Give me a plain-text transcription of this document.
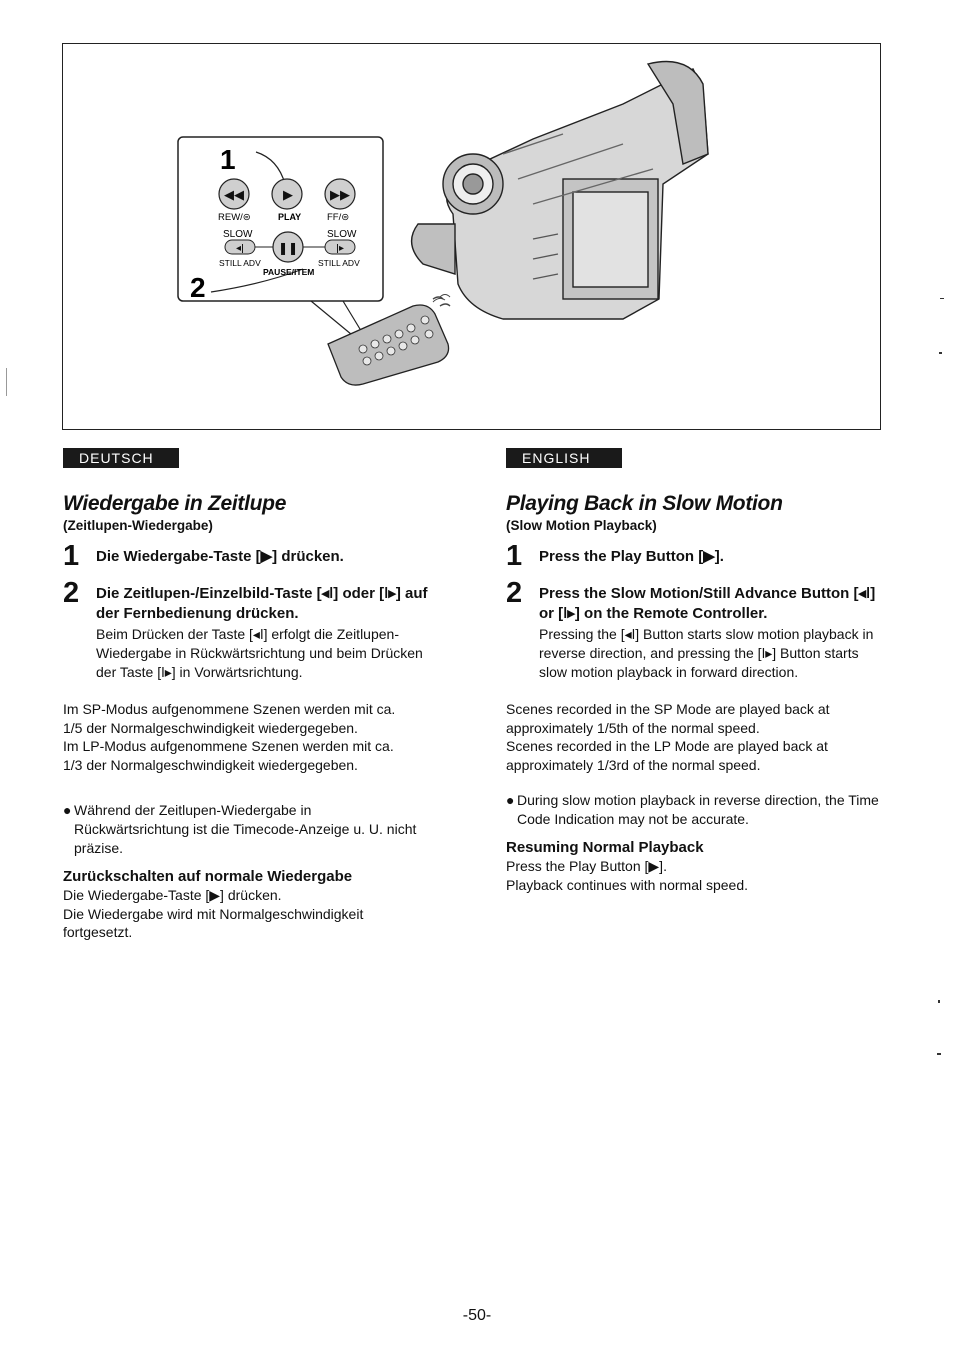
◀◀	▶	▶▶
◂ǀ	❚❚	ǀ▸
1
2
REW/⊜	PLAY	FF/⊜
SLOW	SLOW
STILL ADV	STILL ADV
PAUSE/ITEM
DEUTSCH
Wiedergabe in Zeitlupe
(Zeitlupen-Wiedergabe)
1 Die Wiedergabe-Taste [▶] drücken.
2 Die Zeitlupen-/Einzelbild-Taste [◂ǀ] oder [ǀ▸] auf der Fernbedienung drücken.
Beim Drücken der Taste [◂ǀ] erfolgt die Zeitlupen-Wiedergabe in Rückwärtsrichtung und beim Drücken der Taste [ǀ▸] in Vorwärtsrichtung.

Im SP-Modus aufgenommene Szenen werden mit ca. 1/5 der Normalgeschwindigkeit wiedergegeben.

Im LP-Modus aufgenommene Szenen werden mit ca. 1/3 der Normalgeschwindigkeit wiedergegeben.

● Während der Zeitlupen-Wiedergabe in Rückwärtsrichtung ist die Timecode-Anzeige u. U. nicht präzise.
Zurückschalten auf normale Wiedergabe

Die Wiedergabe-Taste [▶] drücken.

Die Wiedergabe wird mit Normalgeschwindigkeit fortgesetzt.

ENGLISH
Playing Back in Slow Motion
(Slow Motion Playback)
1 Press the Play Button [▶].
2 Press the Slow Motion/Still Advance Button [◂ǀ] or [ǀ▸] on the Remote Controller.
Pressing the [◂ǀ] Button starts slow motion playback in reverse direction, and pressing the [ǀ▸] Button starts slow motion playback in forward direction.

Scenes recorded in the SP Mode are played back at approximately 1/5th of the normal speed.

Scenes recorded in the LP Mode are played back at approximately 1/3rd of the normal speed.

● During slow motion playback in reverse direction, the Time Code Indication may not be accurate.
Resuming Normal Playback

Press the Play Button [▶].

Playback continues with normal speed.

-50-
